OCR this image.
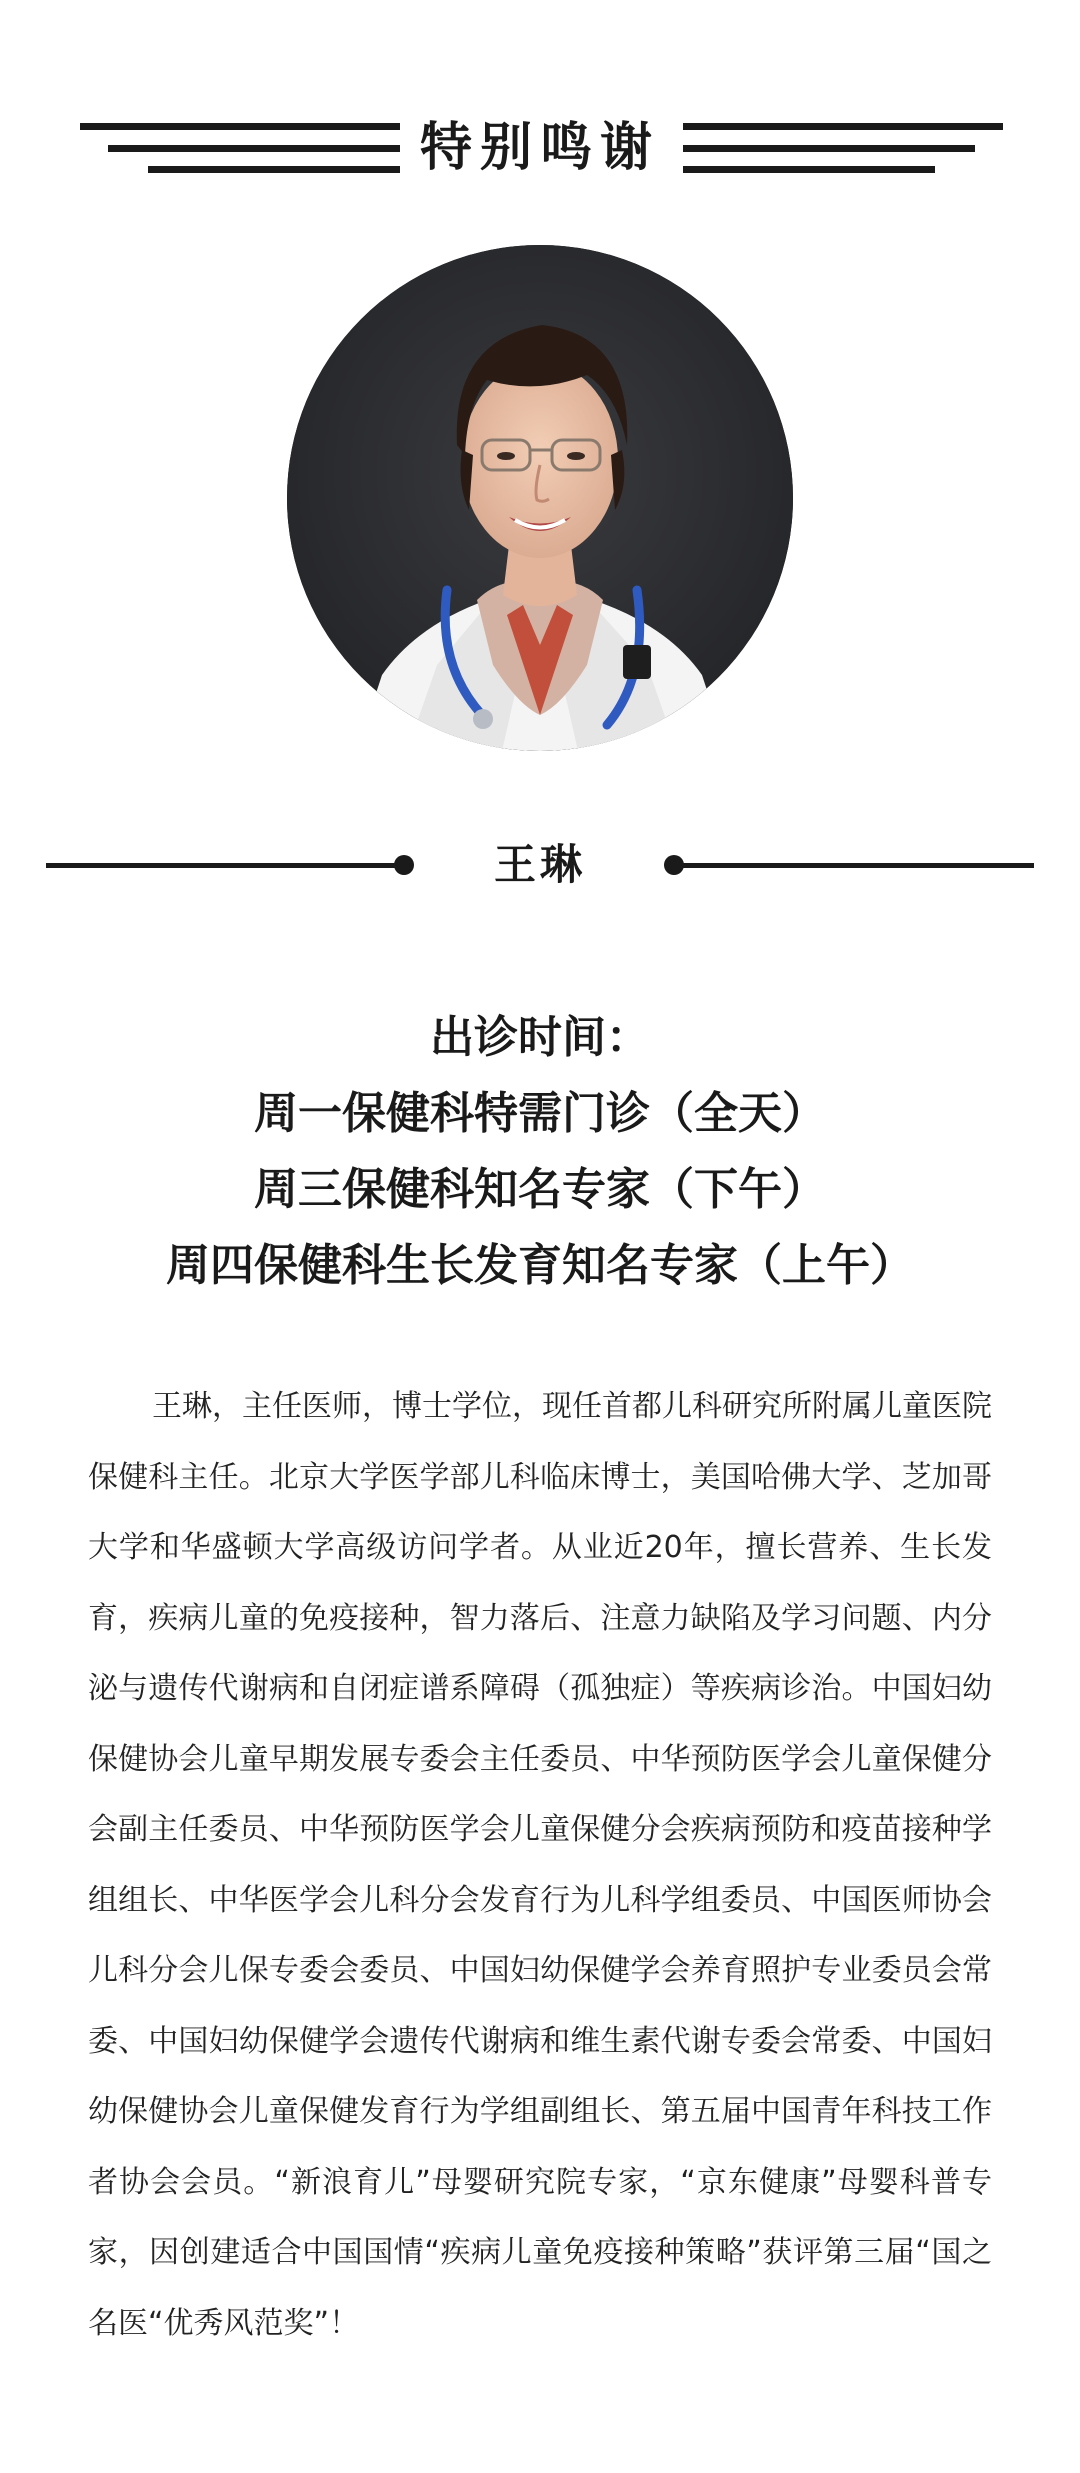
特别鸣谢
王琳
出诊时间：
周一保健科特需门诊（全天）
周三保健科知名专家（下午）
周四保健科生长发育知名专家（上午）

王琳，主任医师，博士学位，现任首都儿科研究所附属儿童医院保健科主任。北京大学医学部儿科临床博士，美国哈佛大学、芝加哥大学和华盛顿大学高级访问学者。从业近20年，擅长营养、生长发育，疾病儿童的免疫接种，智力落后、注意力缺陷及学习问题、内分泌与遗传代谢病和自闭症谱系障碍（孤独症）等疾病诊治。中国妇幼保健协会儿童早期发展专委会主任委员、中华预防医学会儿童保健分会副主任委员、中华预防医学会儿童保健分会疾病预防和疫苗接种学组组长、中华医学会儿科分会发育行为儿科学组委员、中国医师协会儿科分会儿保专委会委员、中国妇幼保健学会养育照护专业委员会常委、中国妇幼保健学会遗传代谢病和维生素代谢专委会常委、中国妇幼保健协会儿童保健发育行为学组副组长、第五届中国青年科技工作者协会会员。“新浪育儿”母婴研究院专家，“京东健康”母婴科普专家，因创建适合中国国情“疾病儿童免疫接种策略”获评第三届“国之名医“优秀风范奖”！
